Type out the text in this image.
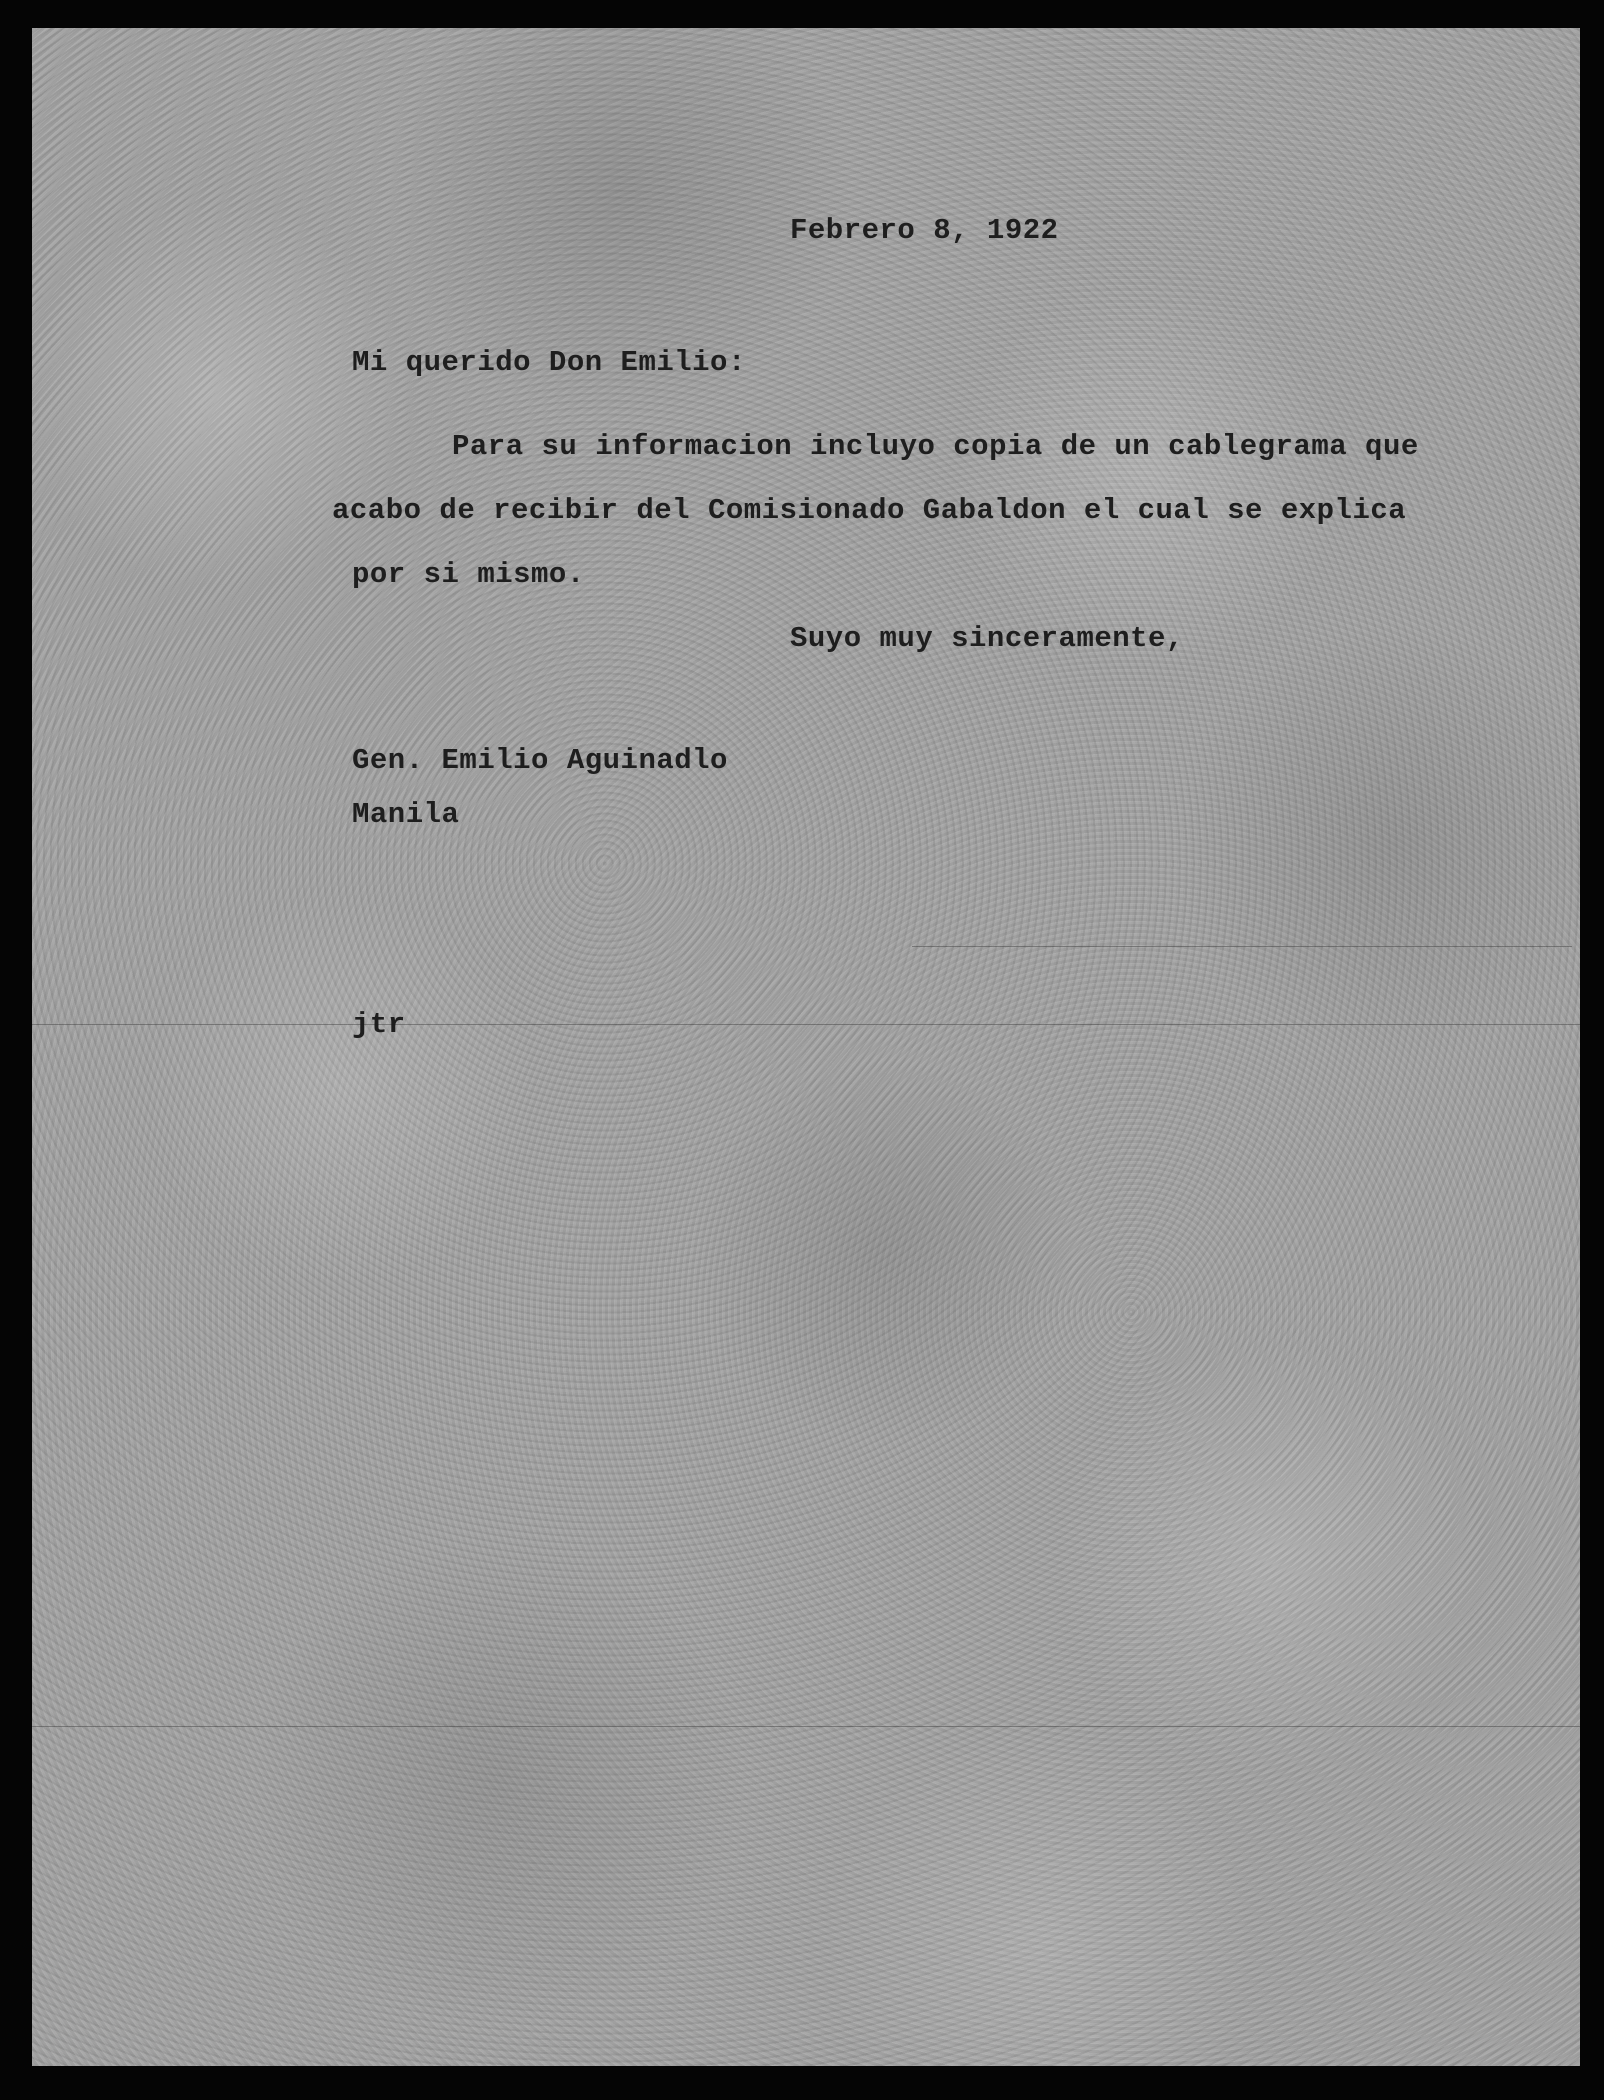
Febrero 8, 1922
Mi querido Don Emilio:
Para su informacion incluyo copia de un cablegrama que
acabo de recibir del Comisionado Gabaldon el cual se explica
por si mismo.
Suyo muy sinceramente,
Gen. Emilio Aguinadlo
Manila
jtr
